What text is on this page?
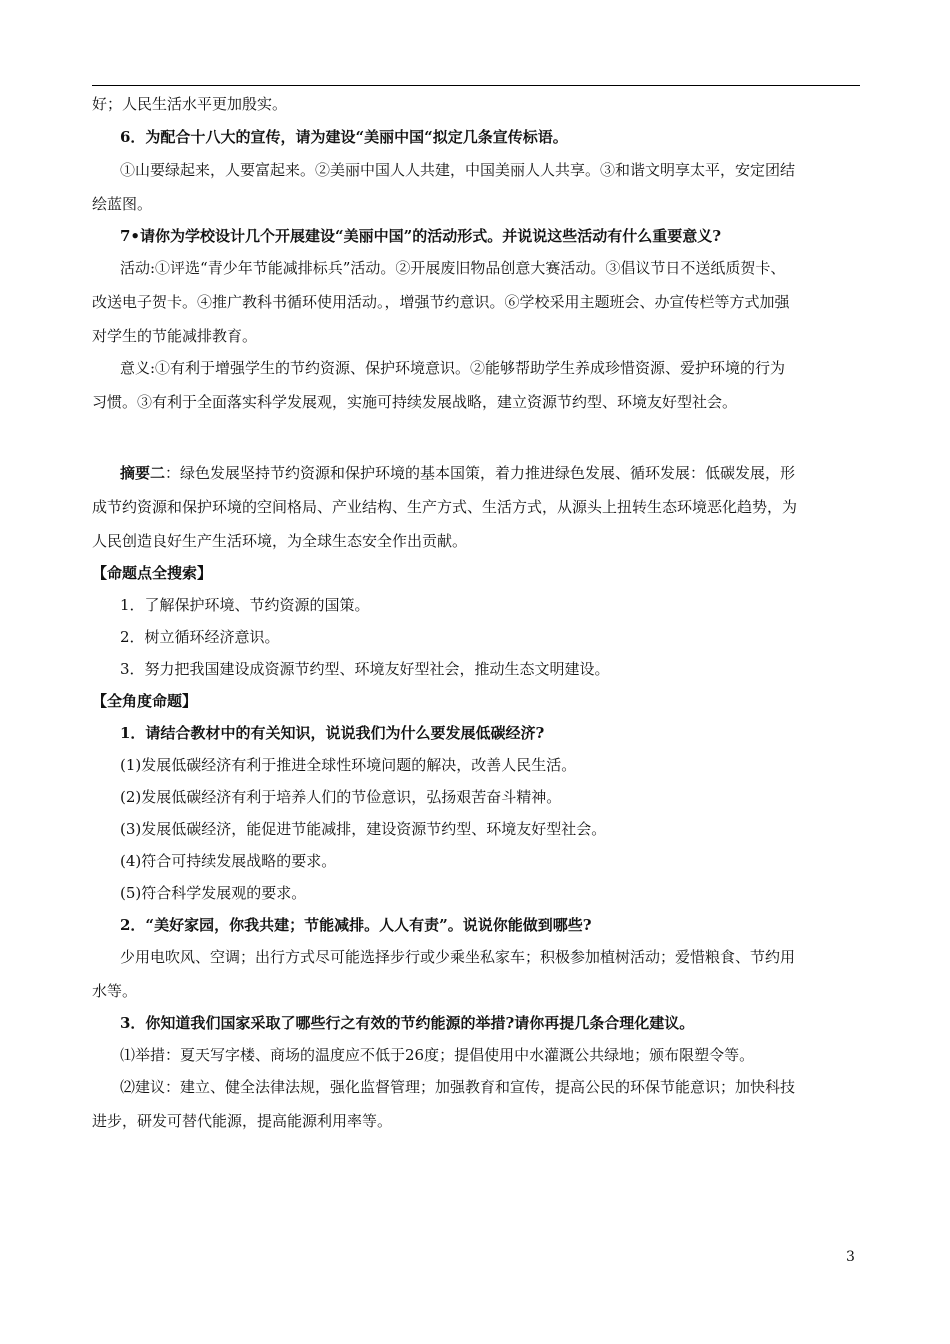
好；人民生活水平更加殷实。
6．为配合十八大的宣传，请为建设“美丽中国“拟定几条宣传标语。
①山要绿起来，人要富起来。②美丽中国人人共建，中国美丽人人共享。③和谐文明享太平，安定团结
绘蓝图。
7•请你为学校设计几个开展建设“美丽中国”的活动形式。并说说这些活动有什么重要意义?
活动:①评选“青少年节能减排标兵”活动。②开展废旧物品创意大赛活动。③倡议节日不送纸质贺卡、
改送电子贺卡。④推广教科书循环使用活动。，增强节约意识。⑥学校采用主题班会、办宣传栏等方式加强
对学生的节能减排教育。
意义:①有利于增强学生的节约资源、保护环境意识。②能够帮助学生养成珍惜资源、爱护环境的行为
习惯。③有利于全面落实科学发展观，实施可持续发展战略，建立资源节约型、环境友好型社会。
摘要二：绿色发展坚持节约资源和保护环境的基本国策，着力推进绿色发展、循环发展：低碳发展，形
成节约资源和保护环境的空间格局、产业结构、生产方式、生活方式，从源头上扭转生态环境恶化趋势，为
人民创造良好生产生活环境，为全球生态安全作出贡献。
【命题点全搜索】
1．了解保护环境、节约资源的国策。
2．树立循环经济意识。
3．努力把我国建设成资源节约型、环境友好型社会，推动生态文明建设。
【全角度命题】
1．请结合教材中的有关知识，说说我们为什么要发展低碳经济?
(1)发展低碳经济有利于推进全球性环境问题的解决，改善人民生活。
(2)发展低碳经济有利于培养人们的节俭意识，弘扬艰苦奋斗精神。
(3)发展低碳经济，能促进节能减排，建设资源节约型、环境友好型社会。
(4)符合可持续发展战略的要求。
(5)符合科学发展观的要求。
2．“美好家园，你我共建；节能减排。人人有责”。说说你能做到哪些?
少用电吹风、空调；出行方式尽可能选择步行或少乘坐私家车；积极参加植树活动；爱惜粮食、节约用
水等。
3．你知道我们国家采取了哪些行之有效的节约能源的举措?请你再提几条合理化建议。
⑴举措：夏天写字楼、商场的温度应不低于26度；提倡使用中水灌溉公共绿地；颁布限塑令等。
⑵建议：建立、健全法律法规，强化监督管理；加强教育和宣传，提高公民的环保节能意识；加快科技
进步，研发可替代能源，提高能源利用率等。
3
